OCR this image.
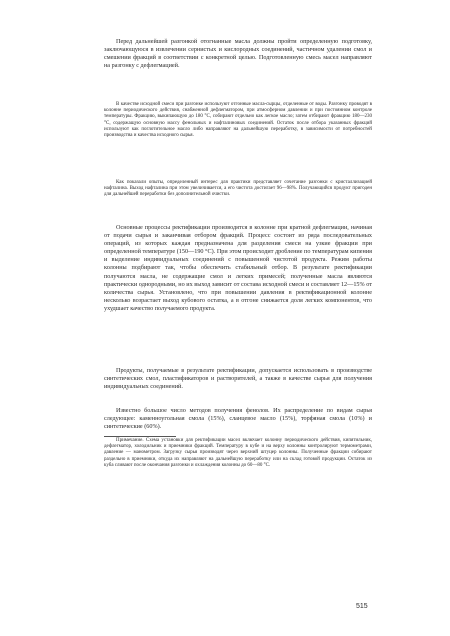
Перед дальнейшей разгонкой отогнанные масла должны пройти определенную подготовку, заключающуюся в извлечении сернистых и кислородных соединений, частичном удалении смол и смешении фракций в соответствии с конкретной целью. Подготовленную смесь масел направляют на разгонку с дефлегмацией.

В качестве исходной смеси при разгонке используют отгонные масла-сырцы, отделенные от воды. Разгонку проводят в колонне периодического действия, снабженной дефлегматором, при атмосферном давлении и при постоянном контроле температуры. Фракцию, выкипающую до 180 °С, собирают отдельно как легкое масло; затем отбирают фракцию 180—230 °С, содержащую основную массу фенольных и нафталиновых соединений. Остаток после отбора указанных фракций используют как поглотительное масло либо направляют на дальнейшую переработку, в зависимости от потребностей производства и качества исходного сырья.

Как показали опыты, определенный интерес для практики представляет сочетание разгонки с кристаллизацией нафталина. Выход нафталина при этом увеличивается, а его чистота достигает 96—98%. Получающийся продукт пригоден для дальнейшей переработки без дополнительной очистки.

Основные процессы ректификации производятся в колонне при кратной дефлегмации, начиная от подачи сырья и заканчивая отбором фракций. Процесс состоит из ряда последовательных операций, из которых каждая предназначена для разделения смеси на узкие фракции при определенной температуре (150—190 °С). При этом происходит дробление по температурам кипения и выделение индивидуальных соединений с повышенной чистотой продукта. Режим работы колонны подбирают так, чтобы обеспечить стабильный отбор. В результате ректификации получаются масла, не содержащие смол и легких примесей; полученные масла являются практически однородными, но их выход зависит от состава исходной смеси и составляет 12—15% от количества сырья. Установлено, что при повышении давления в ректификационной колонне несколько возрастает выход кубового остатка, а в отгоне снижается доля легких компонентов, что ухудшает качество получаемого продукта.

Продукты, получаемые в результате ректификации, допускается использовать в производстве синтетических смол, пластификаторов и растворителей, а также в качестве сырья для получения индивидуальных соединений.

Известно большое число методов получения фенолов. Их распределение по видам сырья следующее: каменноугольная смола (15%), сланцевое масло (15%), торфяная смола (10%) и синтетические (60%).

Примечание. Схема установки для ректификации масел включает колонну периодического действия, кипятильник, дефлегматор, холодильник и приемники фракций. Температуру в кубе и на верху колонны контролируют термометрами, давление — манометром. Загрузку сырья производят через верхний штуцер колонны. Полученные фракции собирают раздельно в приемники, откуда их направляют на дальнейшую переработку или на склад готовой продукции. Остаток из куба сливают после окончания разгонки и охлаждения колонны до 60—80 °С.

515
